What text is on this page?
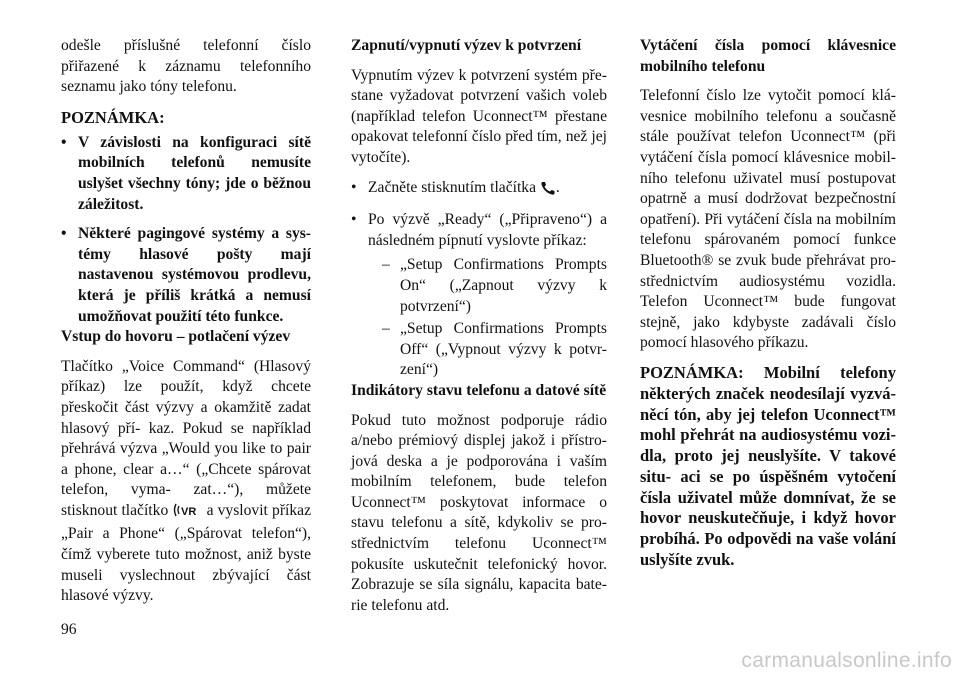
odešle příslušné telefonní číslo přiřazené k záznamu telefonního seznamu jako tóny telefonu.

POZNÁMKA:

• V závislosti na konfiguraci sítě mobilních telefonů nemusíte uslyšet všechny tóny; jde o běžnou záležitost.
• Některé pagingové systémy a sys- témy hlasové pošty mají nastavenou systémovou prodlevu, která je příliš krátká a nemusí umožňovat použití této funkce.

Vstup do hovoru – potlačení výzev

Tlačítko „Voice Command“ (Hlasový příkaz) lze použít, když chcete přeskočit část výzvy a okamžitě zadat hlasový pří- kaz. Pokud se například přehrává výzva „Would you like to pair a phone, clear a…“ („Chcete spárovat telefon, vyma- zat…“), můžete stisknout tlačítko VR a vyslovit příkaz „Pair a Phone“ („Spárovat telefon“), čímž vyberete tuto možnost, aniž byste museli vyslechnout zbývající část hlasové výzvy.

Zapnutí/vypnutí výzev k potvrzení

Vypnutím výzev k potvrzení systém pře- stane vyžadovat potvrzení vašich voleb (například telefon Uconnect™ přestane opakovat telefonní číslo před tím, než jej vytočíte).

• Začněte stisknutím tlačítka .
• Po výzvě „Ready“ („Připraveno“) a následném pípnutí vyslovte příkaz:
– „Setup Confirmations Prompts On“ („Zapnout výzvy k potvrzení“)
– „Setup Confirmations Prompts Off“ („Vypnout výzvy k potvr- zení“)

Indikátory stavu telefonu a datové sítě

Pokud tuto možnost podporuje rádio a/nebo prémiový displej jakož i přístro- jová deska a je podporována i vaším mobilním telefonem, bude telefon Uconnect™ poskytovat informace o stavu telefonu a sítě, kdykoliv se pro- střednictvím telefonu Uconnect™ pokusíte uskutečnit telefonický hovor. Zobrazuje se síla signálu, kapacita bate- rie telefonu atd.

Vytáčení čísla pomocí klávesnice mobilního telefonu

Telefonní číslo lze vytočit pomocí klá- vesnice mobilního telefonu a současně stále používat telefon Uconnect™ (při vytáčení čísla pomocí klávesnice mobil- ního telefonu uživatel musí postupovat opatrně a musí dodržovat bezpečnostní opatření). Při vytáčení čísla na mobilním telefonu spárovaném pomocí funkce Bluetooth® se zvuk bude přehrávat pro- střednictvím audiosystému vozidla. Telefon Uconnect™ bude fungovat stejně, jako kdybyste zadávali číslo pomocí hlasového příkazu.

POZNÁMKA: Mobilní telefony některých značek neodesílají vyzvá- něcí tón, aby jej telefon Uconnect™ mohl přehrát na audiosystému vozi- dla, proto jej neuslyšíte. V takové situ- aci se po úspěšném vytočení čísla uživatel může domnívat, že se hovor neuskutečňuje, i když hovor probíhá. Po odpovědi na vaše volání uslyšíte zvuk.

96
carmanualsonline.info
